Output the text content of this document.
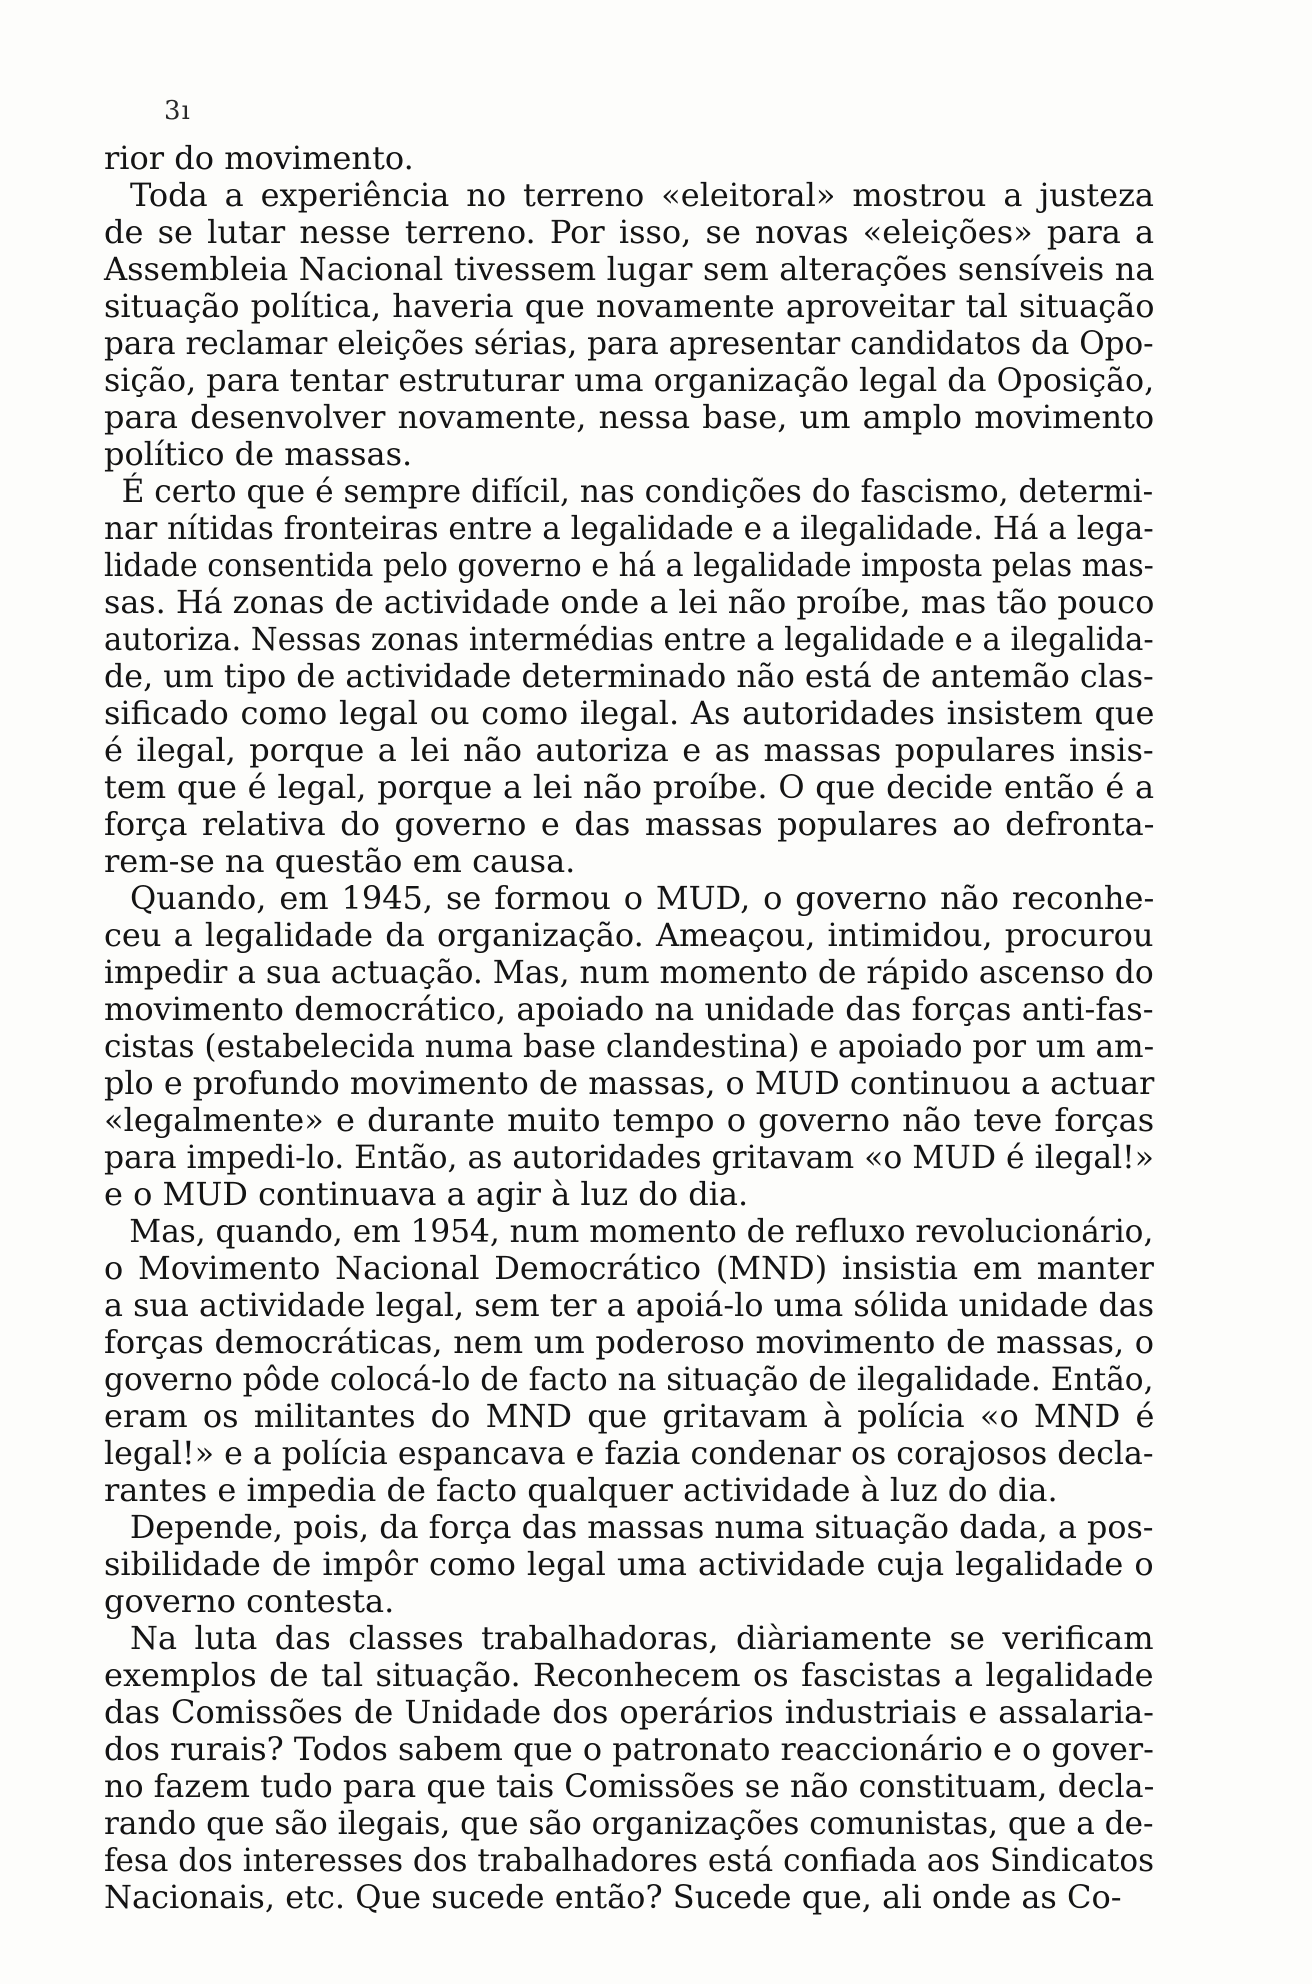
3ı
rior do movimento.
Toda a experiência no terreno «eleitoral» mostrou a justeza
de se lutar nesse terreno. Por isso, se novas «eleições» para a
Assembleia Nacional tivessem lugar sem alterações sensíveis na
situação política, haveria que novamente aproveitar tal situação
para reclamar eleições sérias, para apresentar candidatos da Opo-
sição, para tentar estruturar uma organização legal da Oposição,
para desenvolver novamente, nessa base, um amplo movimento
político de massas.
É certo que é sempre difícil, nas condições do fascismo, determi-
nar nítidas fronteiras entre a legalidade e a ilegalidade. Há a lega-
lidade consentida pelo governo e há a legalidade imposta pelas mas-
sas. Há zonas de actividade onde a lei não proíbe, mas tão pouco
autoriza. Nessas zonas intermédias entre a legalidade e a ilegalida-
de, um tipo de actividade determinado não está de antemão clas-
sificado como legal ou como ilegal. As autoridades insistem que
é ilegal, porque a lei não autoriza e as massas populares insis-
tem que é legal, porque a lei não proíbe. O que decide então é a
força relativa do governo e das massas populares ao defronta-
rem-se na questão em causa.
Quando, em 1945, se formou o MUD, o governo não reconhe-
ceu a legalidade da organização. Ameaçou, intimidou, procurou
impedir a sua actuação. Mas, num momento de rápido ascenso do
movimento democrático, apoiado na unidade das forças anti-fas-
cistas (estabelecida numa base clandestina) e apoiado por um am-
plo e profundo movimento de massas, o MUD continuou a actuar
«legalmente» e durante muito tempo o governo não teve forças
para impedi-lo. Então, as autoridades gritavam «o MUD é ilegal!»
e o MUD continuava a agir à luz do dia.
Mas, quando, em 1954, num momento de refluxo revolucionário,
o Movimento Nacional Democrático (MND) insistia em manter
a sua actividade legal, sem ter a apoiá-lo uma sólida unidade das
forças democráticas, nem um poderoso movimento de massas, o
governo pôde colocá-lo de facto na situação de ilegalidade. Então,
eram os militantes do MND que gritavam à polícia «o MND é
legal!» e a polícia espancava e fazia condenar os corajosos decla-
rantes e impedia de facto qualquer actividade à luz do dia.
Depende, pois, da força das massas numa situação dada, a pos-
sibilidade de impôr como legal uma actividade cuja legalidade o
governo contesta.
Na luta das classes trabalhadoras, diàriamente se verificam
exemplos de tal situação. Reconhecem os fascistas a legalidade
das Comissões de Unidade dos operários industriais e assalaria-
dos rurais? Todos sabem que o patronato reaccionário e o gover-
no fazem tudo para que tais Comissões se não constituam, decla-
rando que são ilegais, que são organizações comunistas, que a de-
fesa dos interesses dos trabalhadores está confiada aos Sindicatos
Nacionais, etc. Que sucede então? Sucede que, ali onde as Co-
